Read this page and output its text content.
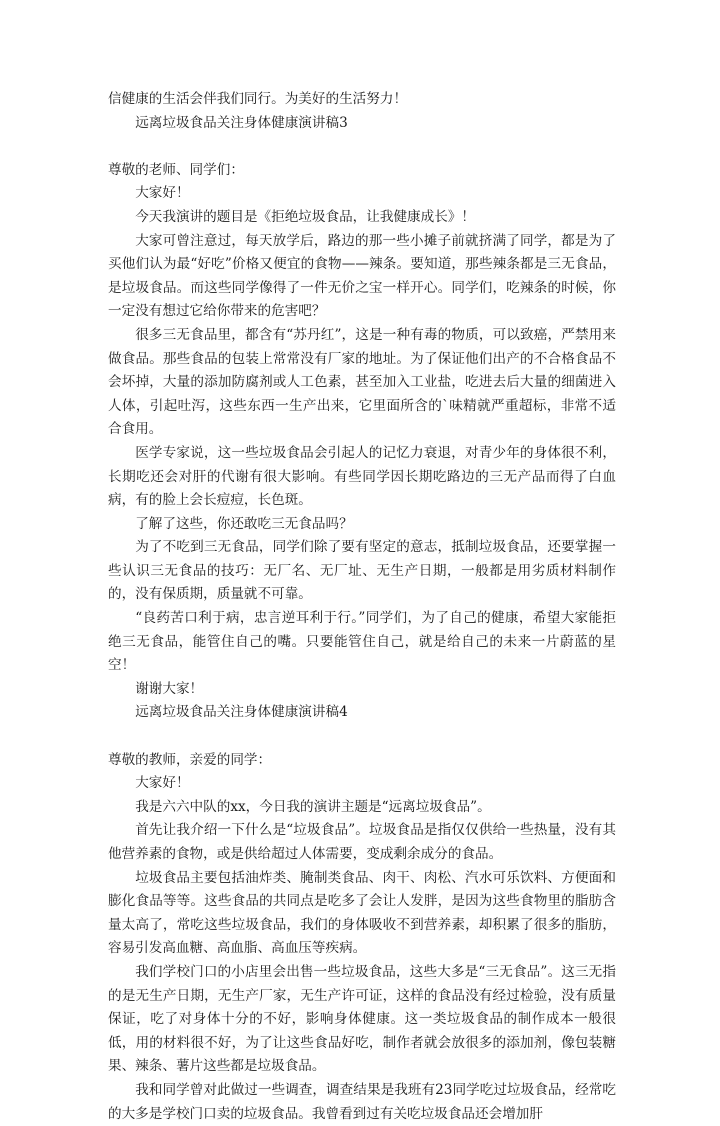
信健康的生活会伴我们同行。为美好的生活努力！
远离垃圾食品关注身体健康演讲稿3
尊敬的老师、同学们：
大家好！
今天我演讲的题目是《拒绝垃圾食品，让我健康成长》！
大家可曾注意过，每天放学后，路边的那一些小摊子前就挤满了同学，都是为了买他们认为最“好吃”价格又便宜的食物——辣条。要知道，那些辣条都是三无食品，是垃圾食品。而这些同学像得了一件无价之宝一样开心。同学们，吃辣条的时候，你一定没有想过它给你带来的危害吧？
很多三无食品里，都含有“苏丹红”，这是一种有毒的物质，可以致癌，严禁用来做食品。那些食品的包装上常常没有厂家的地址。为了保证他们出产的不合格食品不会坏掉，大量的添加防腐剂或人工色素，甚至加入工业盐，吃进去后大量的细菌进入人体，引起吐泻，这些东西一生产出来，它里面所含的`味精就严重超标，非常不适合食用。
医学专家说，这一些垃圾食品会引起人的记忆力衰退，对青少年的身体很不利，长期吃还会对肝的代谢有很大影响。有些同学因长期吃路边的三无产品而得了白血病，有的脸上会长痘痘，长色斑。
了解了这些，你还敢吃三无食品吗？
为了不吃到三无食品，同学们除了要有坚定的意志，抵制垃圾食品，还要掌握一些认识三无食品的技巧：无厂名、无厂址、无生产日期，一般都是用劣质材料制作的，没有保质期，质量就不可靠。
“良药苦口利于病，忠言逆耳利于行。”同学们，为了自己的健康，希望大家能拒绝三无食品，能管住自己的嘴。只要能管住自己，就是给自己的未来一片蔚蓝的星空！
谢谢大家！
远离垃圾食品关注身体健康演讲稿4
尊敬的教师，亲爱的同学：
大家好！
我是六六中队的xx，今日我的演讲主题是“远离垃圾食品”。
首先让我介绍一下什么是“垃圾食品”。垃圾食品是指仅仅供给一些热量，没有其他营养素的食物，或是供给超过人体需要，变成剩余成分的食品。
垃圾食品主要包括油炸类、腌制类食品、肉干、肉松、汽水可乐饮料、方便面和膨化食品等等。这些食品的共同点是吃多了会让人发胖，是因为这些食物里的脂肪含量太高了，常吃这些垃圾食品，我们的身体吸收不到营养素，却积累了很多的脂肪，容易引发高血糖、高血脂、高血压等疾病。
我们学校门口的小店里会出售一些垃圾食品，这些大多是“三无食品”。这三无指的是无生产日期，无生产厂家，无生产许可证，这样的食品没有经过检验，没有质量保证，吃了对身体十分的不好，影响身体健康。这一类垃圾食品的制作成本一般很低，用的材料很不好，为了让这些食品好吃，制作者就会放很多的添加剂，像包装糖果、辣条、薯片这些都是垃圾食品。
我和同学曾对此做过一些调查，调查结果是我班有23同学吃过垃圾食品，经常吃的大多是学校门口卖的垃圾食品。我曾看到过有关吃垃圾食品还会增加肝
